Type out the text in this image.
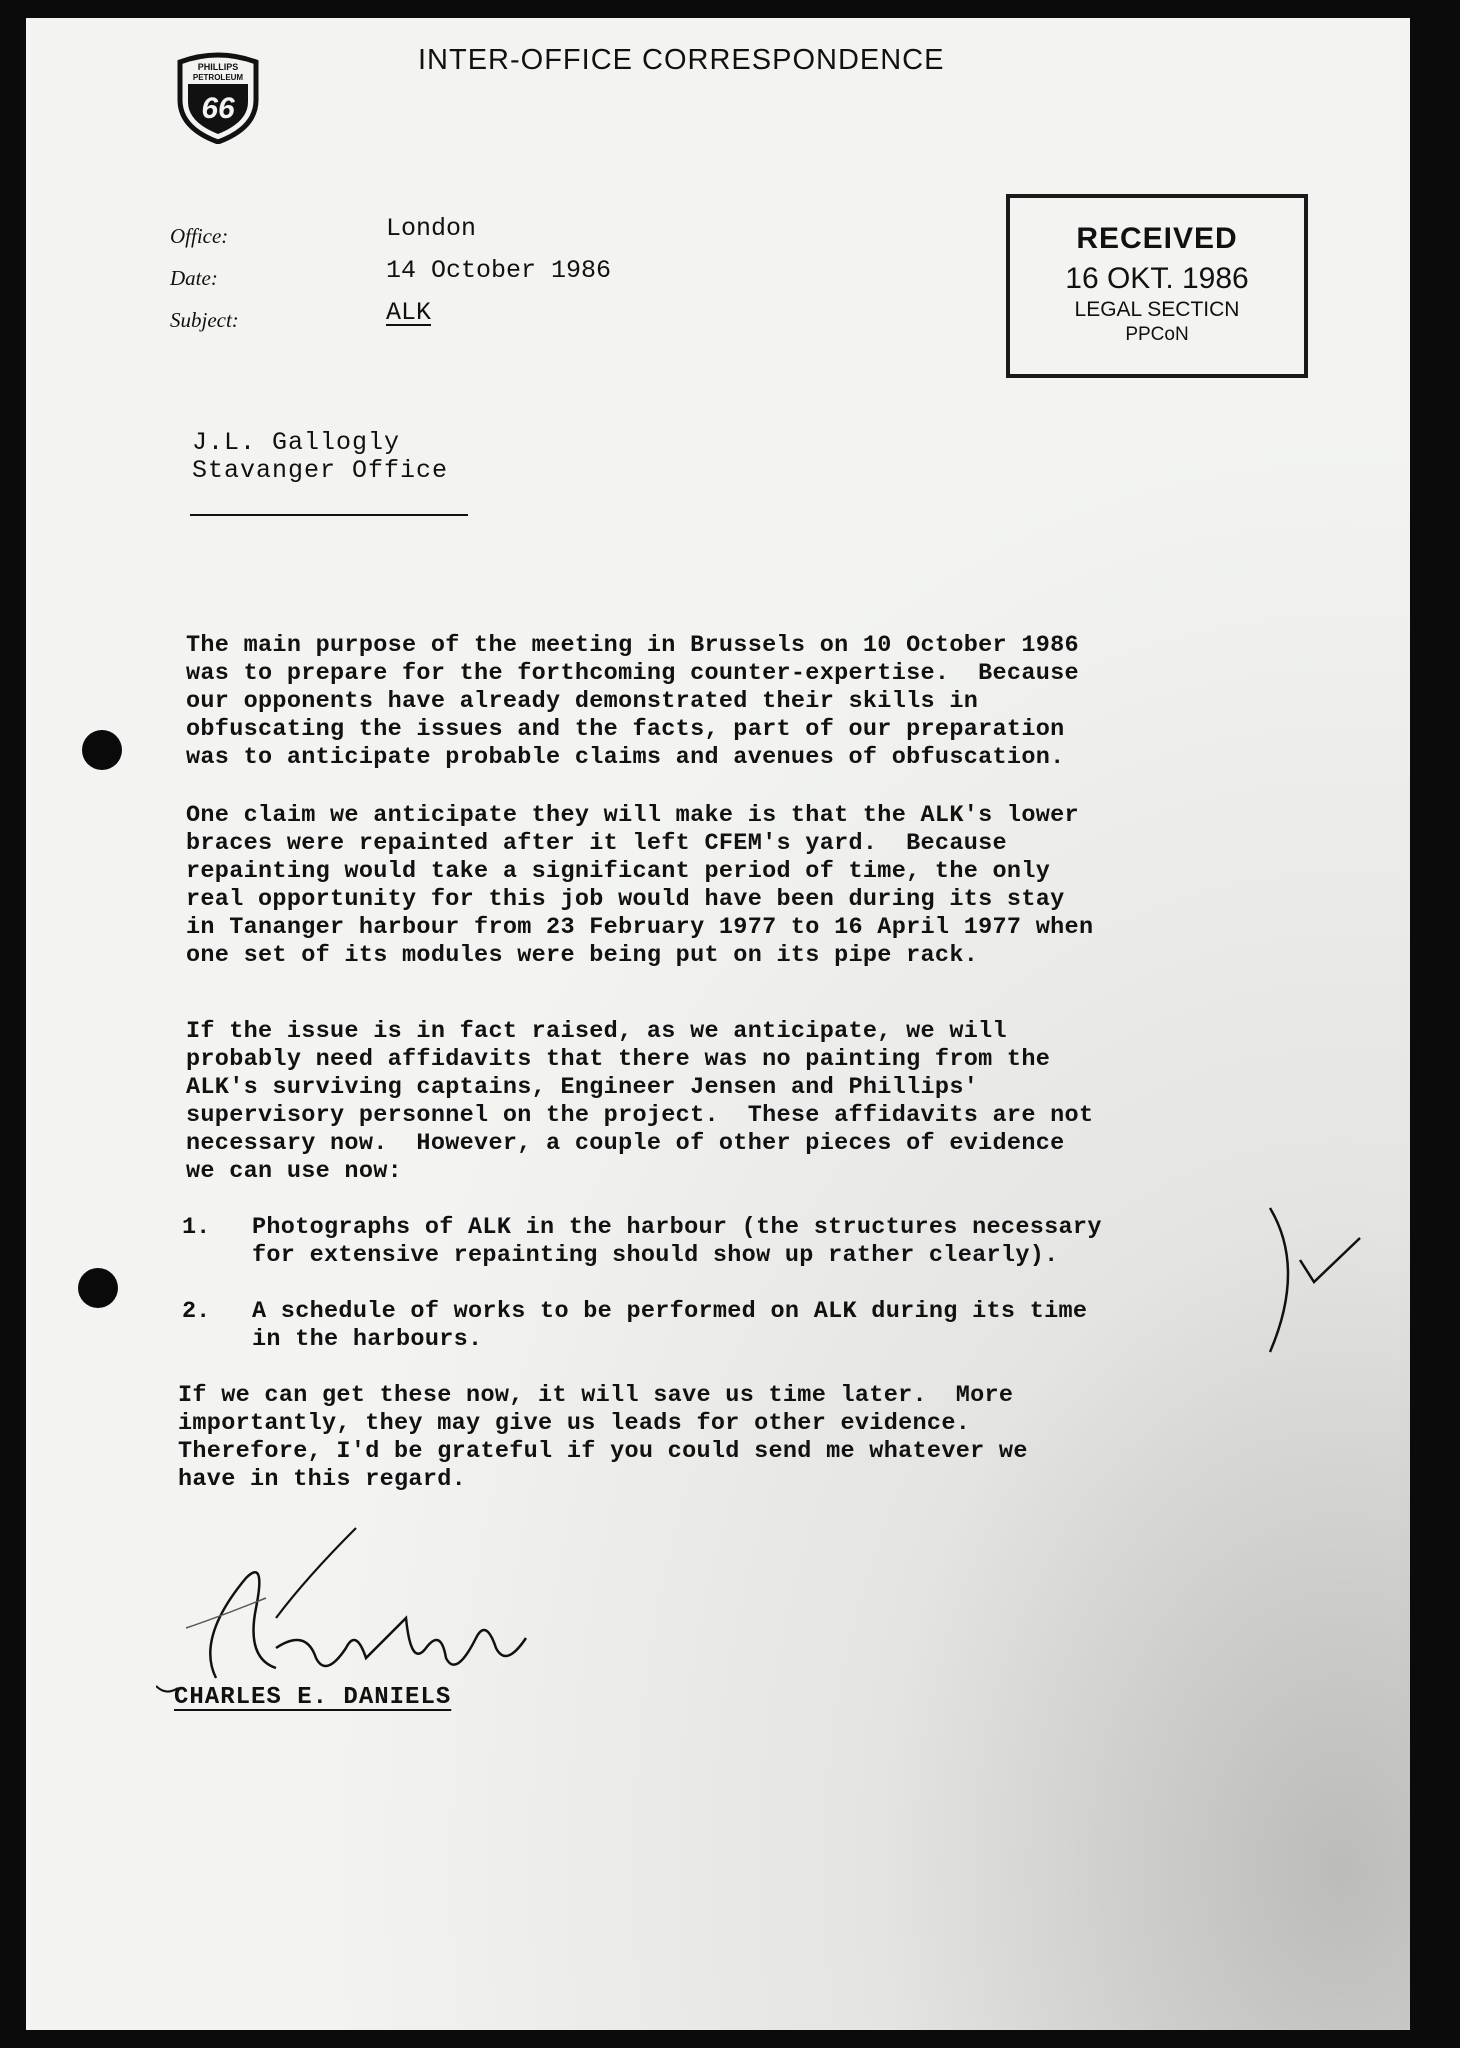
PHILLIPS
PETROLEUM
66
INTER-OFFICE CORRESPONDENCE
Office:	London
Date:	14 October 1986
Subject:	ALK
RECEIVED
16 OKT. 1986
LEGAL SECTICN
PPCoN
J.L. Gallogly
Stavanger Office
The main purpose of the meeting in Brussels on 10 October 1986
was to prepare for the forthcoming counter-expertise.  Because
our opponents have already demonstrated their skills in
obfuscating the issues and the facts, part of our preparation
was to anticipate probable claims and avenues of obfuscation.
One claim we anticipate they will make is that the ALK's lower
braces were repainted after it left CFEM's yard.  Because
repainting would take a significant period of time, the only
real opportunity for this job would have been during its stay
in Tananger harbour from 23 February 1977 to 16 April 1977 when
one set of its modules were being put on its pipe rack.
If the issue is in fact raised, as we anticipate, we will
probably need affidavits that there was no painting from the
ALK's surviving captains, Engineer Jensen and Phillips'
supervisory personnel on the project.  These affidavits are not
necessary now.  However, a couple of other pieces of evidence
we can use now:
1. Photographs of ALK in the harbour (the structures necessary
for extensive repainting should show up rather clearly).
2. A schedule of works to be performed on ALK during its time
in the harbours.
If we can get these now, it will save us time later.  More
importantly, they may give us leads for other evidence.
Therefore, I'd be grateful if you could send me whatever we
have in this regard.
CHARLES E. DANIELS
